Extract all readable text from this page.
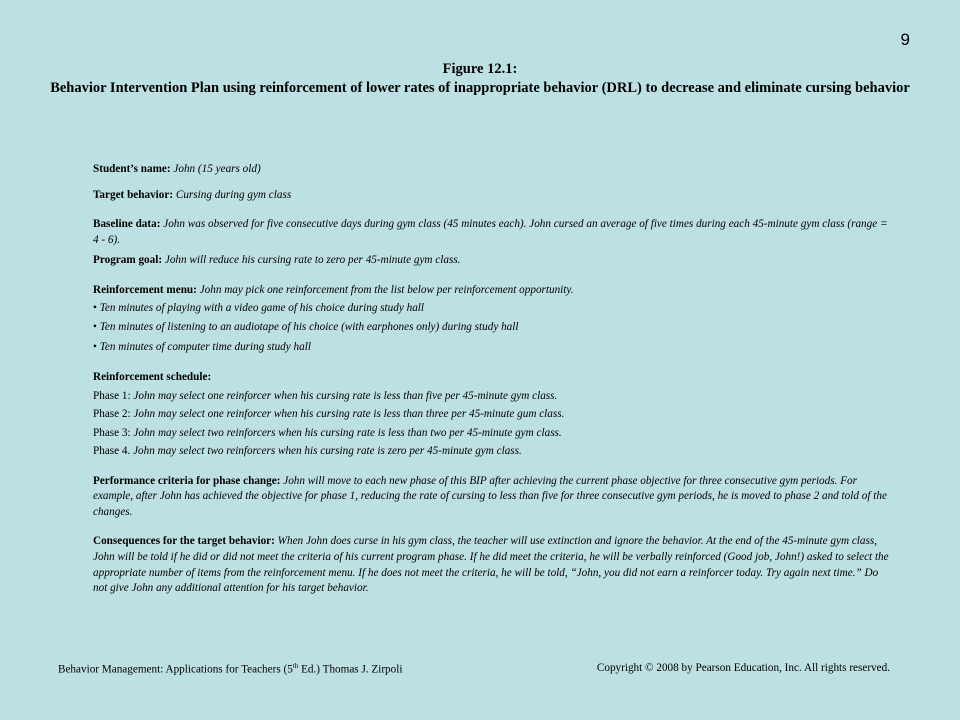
9
Figure 12.1:
Behavior Intervention Plan using reinforcement of lower rates of inappropriate behavior (DRL) to decrease and eliminate cursing behavior

Student’s name: John (15 years old)

Target behavior: Cursing during gym class

Baseline data: John was observed for five consecutive days during gym class (45 minutes each). John cursed an average of five times during each 45-minute gym class (range = 4 - 6).

Program goal: John will reduce his cursing rate to zero per 45-minute gym class.

Reinforcement menu: John may pick one reinforcement from the list below per reinforcement opportunity.

• Ten minutes of playing with a video game of his choice during study hall

• Ten minutes of listening to an audiotape of his choice (with earphones only) during study hall

• Ten minutes of computer time during study hall

Reinforcement schedule:

Phase 1: John may select one reinforcer when his cursing rate is less than five per 45-minute gym class.

Phase 2: John may select one reinforcer when his cursing rate is less than three per 45-minute gum class.

Phase 3: John may select two reinforcers when his cursing rate is less than two per 45-minute gym class.

Phase 4. John may select two reinforcers when his cursing rate is zero per 45-minute gym class.

Performance criteria for phase change: John will move to each new phase of this BIP after achieving the current phase objective for three consecutive gym periods. For example, after John has achieved the objective for phase 1, reducing the rate of cursing to less than five for three consecutive gym periods, he is moved to phase 2 and told of the changes.

Consequences for the target behavior: When John does curse in his gym class, the teacher will use extinction and ignore the behavior. At the end of the 45-minute gym class, John will be told if he did or did not meet the criteria of his current program phase. If he did meet the criteria, he will be verbally reinforced (Good job, John!) asked to select the appropriate number of items from the reinforcement menu. If he does not meet the criteria, he will be told, “John, you did not earn a reinforcer today. Try again next time.” Do not give John any additional attention for his target behavior.

Behavior Management: Applications for Teachers (5th Ed.) Thomas J. Zirpoli	Copyright © 2008 by Pearson Education, Inc. All rights reserved.
